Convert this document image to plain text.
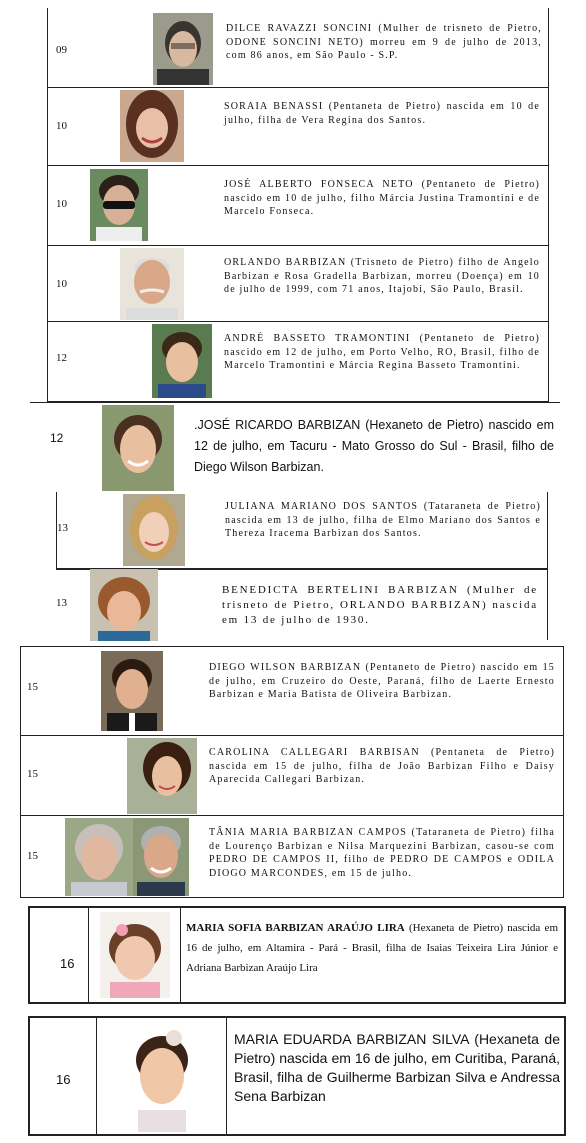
09
DILCE RAVAZZI SONCINI (Mulher de trisneto de Pietro, ODONE SONCINI NETO) morreu em 9 de julho de 2013, com 86 anos, em São Paulo - S.P.
10
SORAIA BENASSI (Pentaneta de Pietro) nascida em 10 de julho, filha de Vera Regina dos Santos.
10
JOSÉ ALBERTO FONSECA NETO (Pentaneto de Pietro) nascido em 10 de julho, filho Márcia Justina Tramontini e de Marcelo Fonseca.
10
ORLANDO BARBIZAN (Trisneto de Pietro) filho de Angelo Barbizan e Rosa Gradella Barbizan, morreu (Doença) em 10 de julho de 1999, com 71 anos, Itajobi, São Paulo, Brasil.
12
ANDRÉ BASSETO TRAMONTINI (Pentaneto de Pietro) nascido em 12 de julho, em Porto Velho, RO, Brasil, filho de Marcelo Tramontini e Márcia Regina Basseto Tramontini.
12
.JOSÉ RICARDO BARBIZAN (Hexaneto de Pietro) nascido em 12 de julho, em Tacuru - Mato Grosso do Sul - Brasil, filho de Diego Wilson Barbizan.
13
JULIANA MARIANO DOS SANTOS (Tataraneta de Pietro) nascida em 13 de julho, filha de Elmo Mariano dos Santos e Thereza Iracema Barbizan dos Santos.
13
BENEDICTA BERTELINI BARBIZAN (Mulher de trisneto de Pietro, ORLANDO BARBIZAN) nascida em 13 de julho de 1930.
15
DIEGO WILSON BARBIZAN (Pentaneto de Pietro) nascido em 15 de julho, em Cruzeiro do Oeste, Paraná, filho de Laerte Ernesto Barbizan e Maria Batista de Oliveira Barbizan.
15
CAROLINA CALLEGARI BARBISAN (Pentaneta de Pietro) nascida em 15 de julho, filha de João Barbizan Filho e Daisy Aparecida Callegari Barbizan.
15
TÂNIA MARIA BARBIZAN CAMPOS (Tataraneta de Pietro) filha de Lourenço Barbizan e Nilsa Marquezini Barbizan, casou-se com PEDRO DE CAMPOS II, filho de PEDRO DE CAMPOS e ODILA DIOGO MARCONDES, em 15 de julho.
16
MARIA SOFIA BARBIZAN ARAÚJO LIRA (Hexaneta de Pietro) nascida em 16 de julho, em Altamira - Pará - Brasil, filha de Isaias Teixeira Lira Júnior e Adriana Barbizan Araújo Lira
16
MARIA EDUARDA BARBIZAN SILVA (Hexaneta de Pietro) nascida em 16 de julho, em Curitiba, Paraná, Brasil, filha de Guilherme Barbizan Silva e Andressa Sena Barbizan
